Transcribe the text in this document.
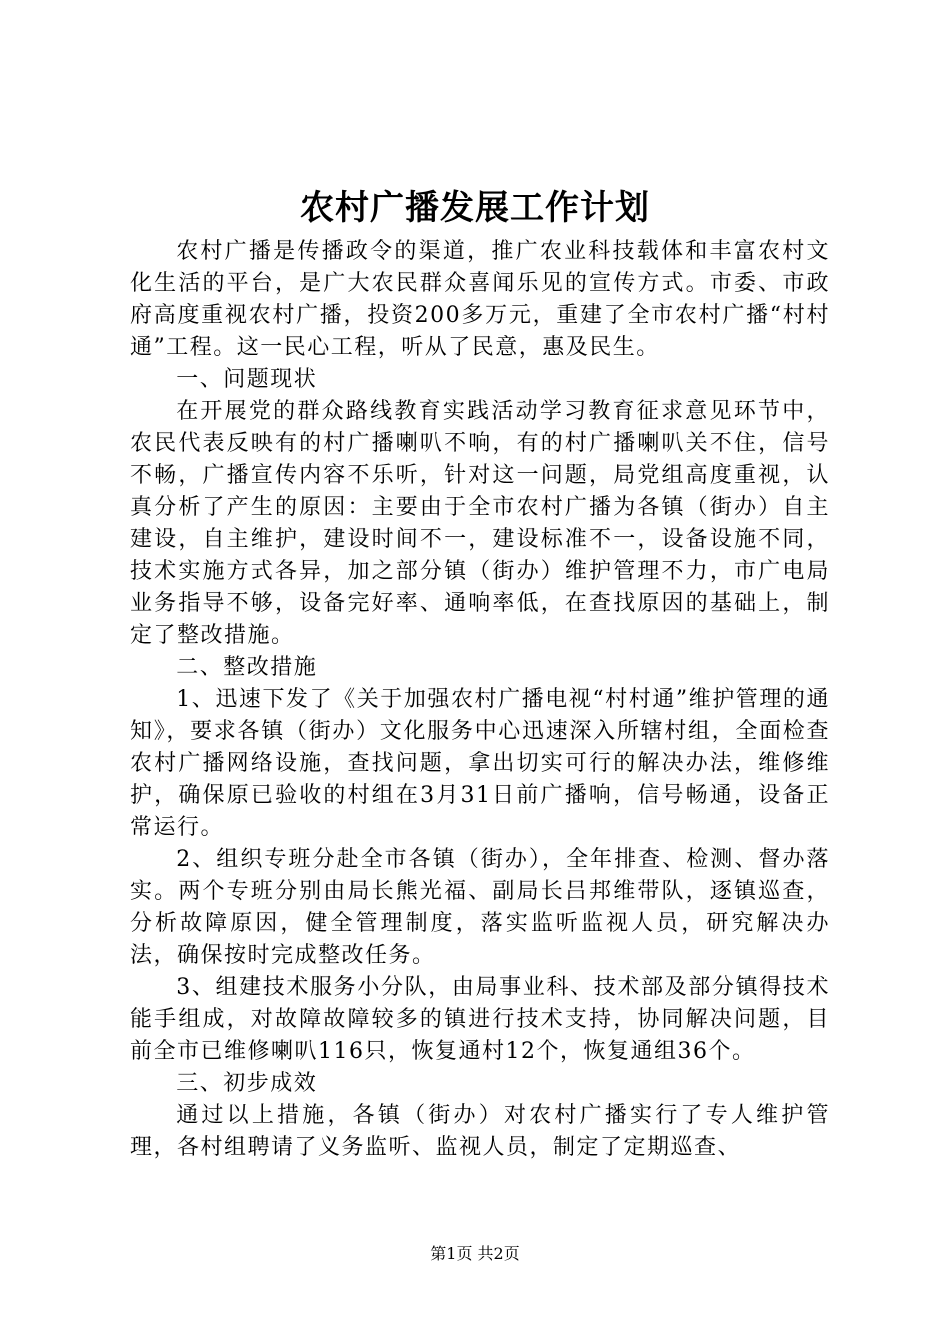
农村广播发展工作计划

农村广播是传播政令的渠道，推广农业科技载体和丰富农村文化生活的平台，是广大农民群众喜闻乐见的宣传方式。市委、市政府高度重视农村广播，投资200多万元，重建了全市农村广播“村村通”工程。这一民心工程，听从了民意，惠及民生。

一、问题现状

在开展党的群众路线教育实践活动学习教育征求意见环节中，农民代表反映有的村广播喇叭不响，有的村广播喇叭关不住，信号不畅，广播宣传内容不乐听，针对这一问题，局党组高度重视，认真分析了产生的原因：主要由于全市农村广播为各镇（街办）自主建设，自主维护，建设时间不一，建设标准不一，设备设施不同，技术实施方式各异，加之部分镇（街办）维护管理不力，市广电局业务指导不够，设备完好率、通响率低，在查找原因的基础上，制定了整改措施。

二、整改措施

1、迅速下发了《关于加强农村广播电视“村村通”维护管理的通知》，要求各镇（街办）文化服务中心迅速深入所辖村组，全面检查农村广播网络设施，查找问题，拿出切实可行的解决办法，维修维护，确保原已验收的村组在3月31日前广播响，信号畅通，设备正常运行。

2、组织专班分赴全市各镇（街办），全年排查、检测、督办落实。两个专班分别由局长熊光福、副局长吕邦维带队，逐镇巡查，分析故障原因，健全管理制度，落实监听监视人员，研究解决办法，确保按时完成整改任务。

3、组建技术服务小分队，由局事业科、技术部及部分镇得技术能手组成，对故障故障较多的镇进行技术支持，协同解决问题，目前全市已维修喇叭116只，恢复通村12个，恢复通组36个。

三、初步成效

通过以上措施，各镇（街办）对农村广播实行了专人维护管理，各村组聘请了义务监听、监视人员，制定了定期巡查、

第1页 共2页
